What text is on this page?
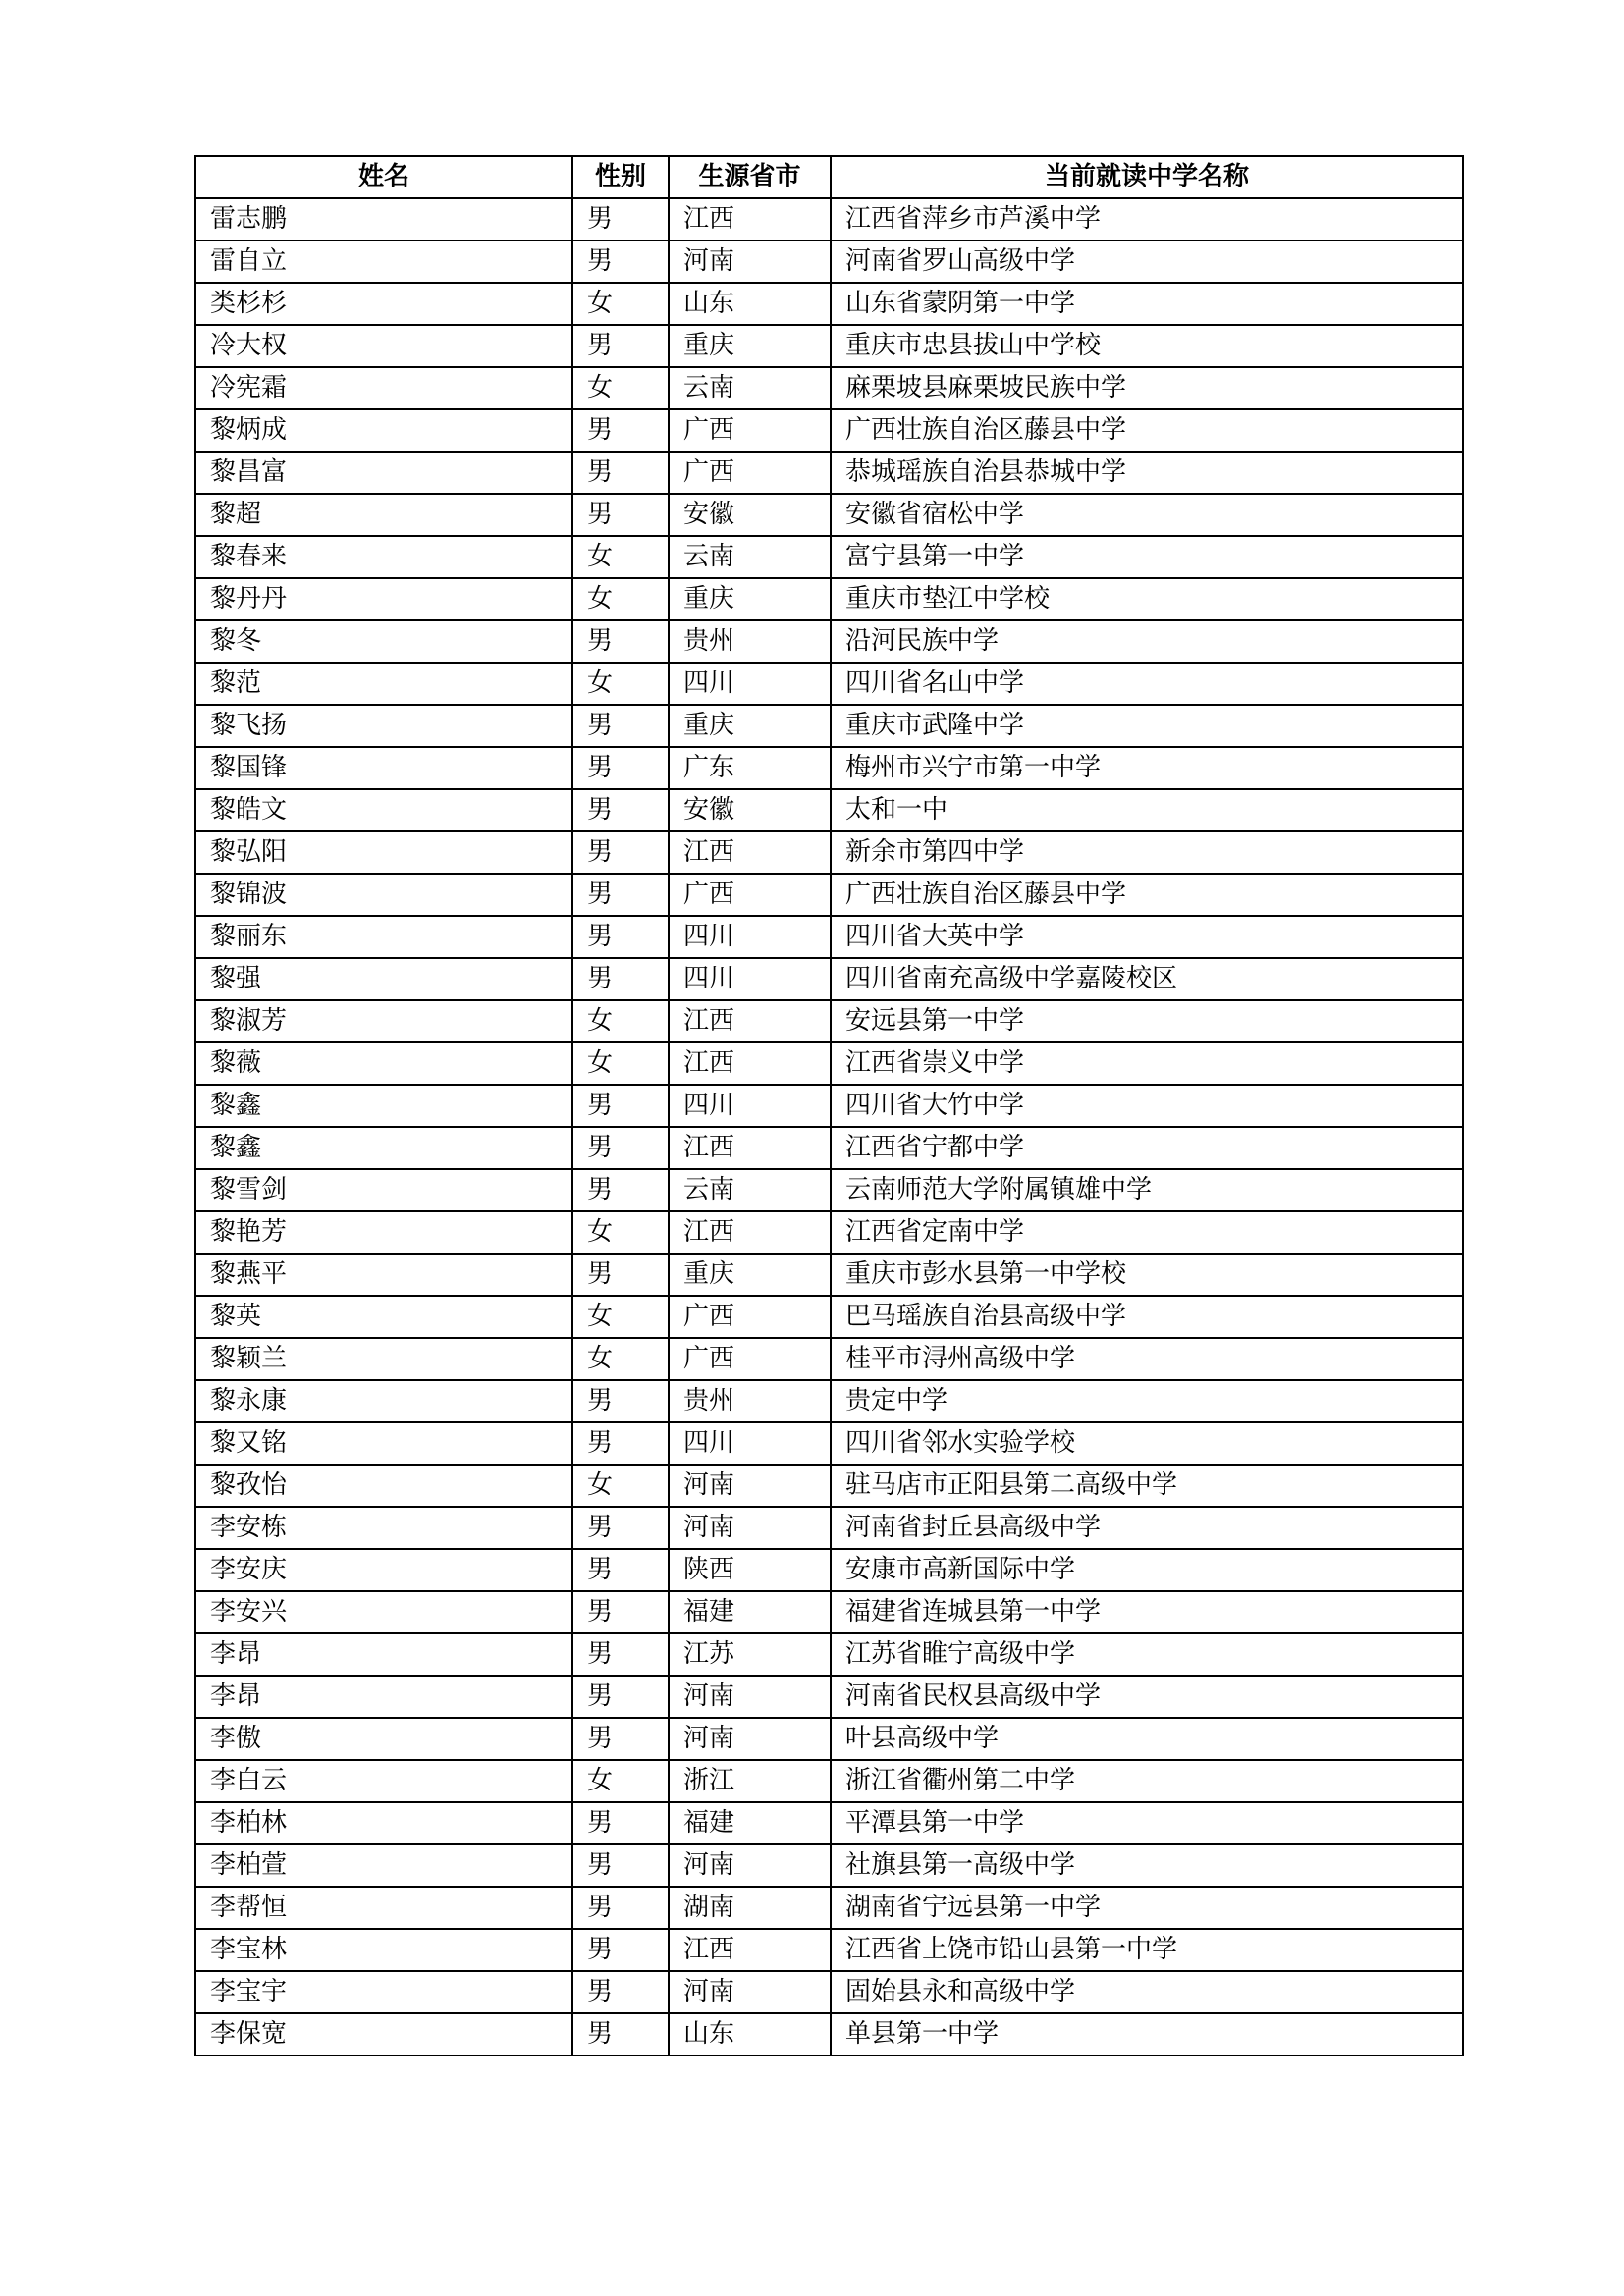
姓名	性别	生源省市	当前就读中学名称
雷志鹏	男	江西	江西省萍乡市芦溪中学
雷自立	男	河南	河南省罗山高级中学
类杉杉	女	山东	山东省蒙阴第一中学
冷大权	男	重庆	重庆市忠县拔山中学校
冷宪霜	女	云南	麻栗坡县麻栗坡民族中学
黎炳成	男	广西	广西壮族自治区藤县中学
黎昌富	男	广西	恭城瑶族自治县恭城中学
黎超	男	安徽	安徽省宿松中学
黎春来	女	云南	富宁县第一中学
黎丹丹	女	重庆	重庆市垫江中学校
黎冬	男	贵州	沿河民族中学
黎范	女	四川	四川省名山中学
黎飞扬	男	重庆	重庆市武隆中学
黎国锋	男	广东	梅州市兴宁市第一中学
黎皓文	男	安徽	太和一中
黎弘阳	男	江西	新余市第四中学
黎锦波	男	广西	广西壮族自治区藤县中学
黎丽东	男	四川	四川省大英中学
黎强	男	四川	四川省南充高级中学嘉陵校区
黎淑芳	女	江西	安远县第一中学
黎薇	女	江西	江西省崇义中学
黎鑫	男	四川	四川省大竹中学
黎鑫	男	江西	江西省宁都中学
黎雪剑	男	云南	云南师范大学附属镇雄中学
黎艳芳	女	江西	江西省定南中学
黎燕平	男	重庆	重庆市彭水县第一中学校
黎英	女	广西	巴马瑶族自治县高级中学
黎颖兰	女	广西	桂平市浔州高级中学
黎永康	男	贵州	贵定中学
黎又铭	男	四川	四川省邻水实验学校
黎孜怡	女	河南	驻马店市正阳县第二高级中学
李安栋	男	河南	河南省封丘县高级中学
李安庆	男	陕西	安康市高新国际中学
李安兴	男	福建	福建省连城县第一中学
李昂	男	江苏	江苏省睢宁高级中学
李昂	男	河南	河南省民权县高级中学
李傲	男	河南	叶县高级中学
李白云	女	浙江	浙江省衢州第二中学
李柏林	男	福建	平潭县第一中学
李柏萱	男	河南	社旗县第一高级中学
李帮恒	男	湖南	湖南省宁远县第一中学
李宝林	男	江西	江西省上饶市铅山县第一中学
李宝宇	男	河南	固始县永和高级中学
李保宽	男	山东	单县第一中学
